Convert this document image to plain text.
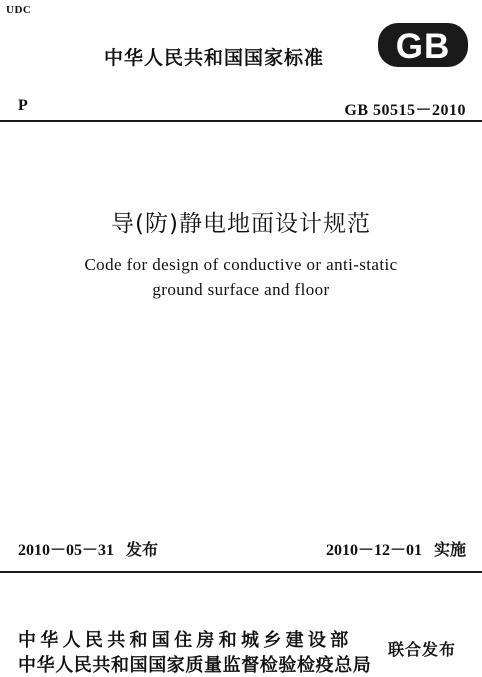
UDC
中华人民共和国国家标准 GB
P	GB 50515－2010
导(防)静电地面设计规范
Code for design of conductive or anti-static
ground surface and floor
2010－05－31 发布	2010－12－01 实施
中华人民共和国住房和城乡建设部
中华人民共和国国家质量监督检验检疫总局
联合发布
